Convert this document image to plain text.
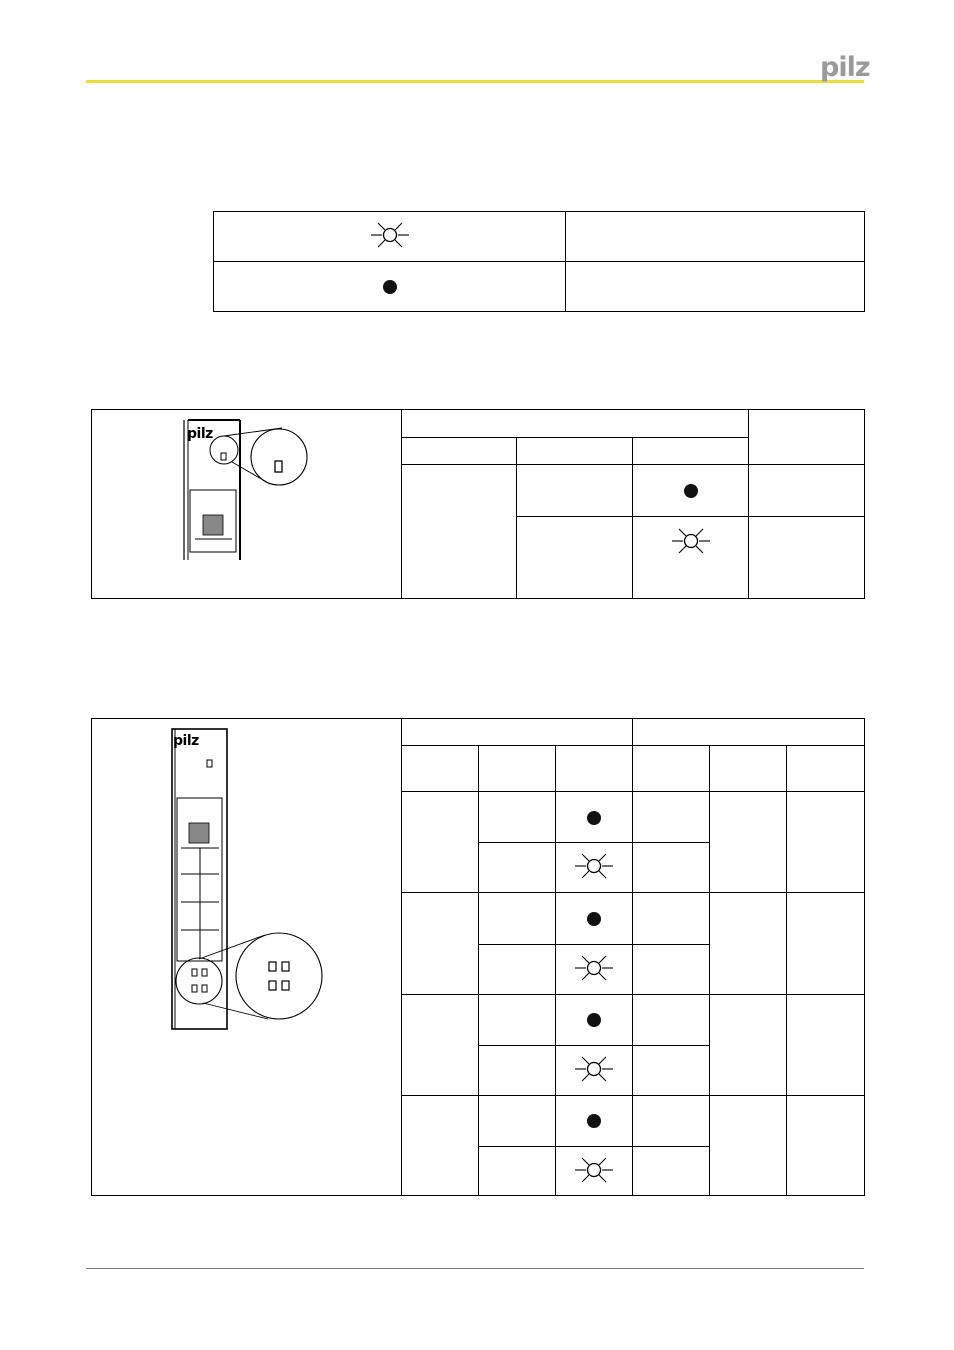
pilz

pilz				

pilz						
